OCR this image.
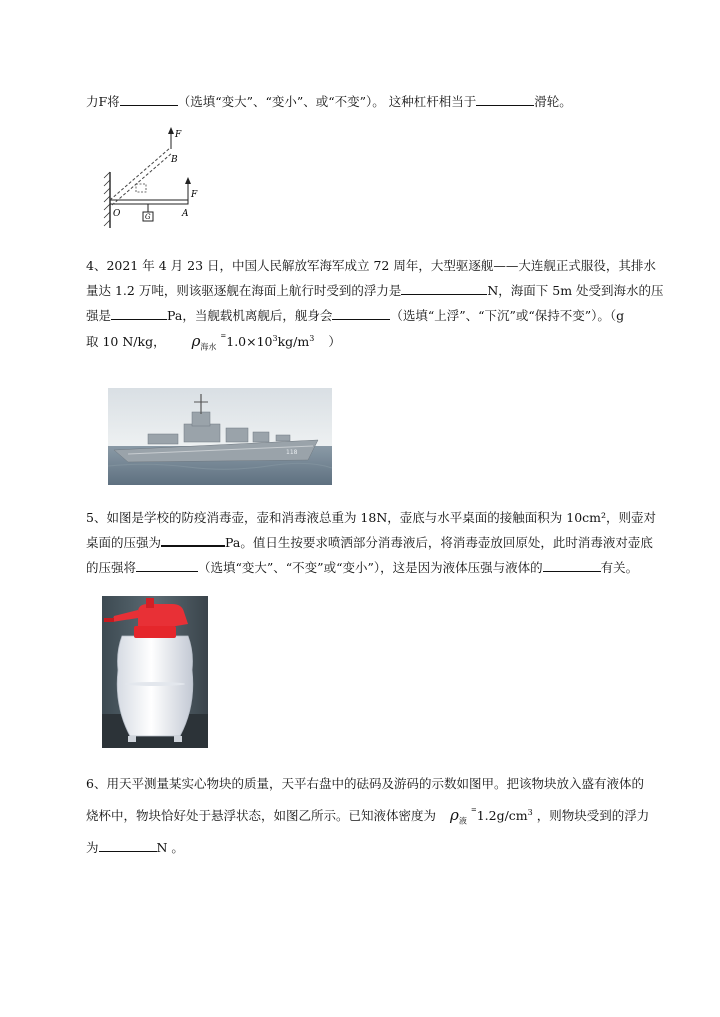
力F将	（选填“变大”、“变小”、或“不变”）。 这种杠杆相当于	滑轮。
F
B
F
O	A
G
4、2021 年 4 月 23 日，中国人民解放军海军成立 72 周年，大型驱逐舰——大连舰正式服役，其排水
量达 1.2 万吨，则该驱逐舰在海面上航行时受到的浮力是	N，海面下 5m 处受到海水的压
强是	Pa，当舰载机离舰后，舰身会	（选填“上浮”、“下沉”或“保持不变”）。（g
取 10 N/kg， $\rho_{海水}$ $^=1.0\times 10^3kg/m^3$ ）
118
5、如图是学校的防疫消毒壶，壶和消毒液总重为 18N，壶底与水平桌面的接触面积为 10cm²，则壶对
桌面的压强为	Pa。值日生按要求喷洒部分消毒液后，将消毒壶放回原处，此时消毒液对壶底
的压强将	（选填“变大”、“不变”或“变小”），这是因为液体压强与液体的	有关。
6、用天平测量某实心物块的质量，天平右盘中的砝码及游码的示数如图甲。把该物块放入盛有液体的
烧杯中，物块恰好处于悬浮状态，如图乙所示。已知液体密度为 $\rho_液$ $^=1.2g/cm^3$ ，则物块受到的浮力
为	N 。
